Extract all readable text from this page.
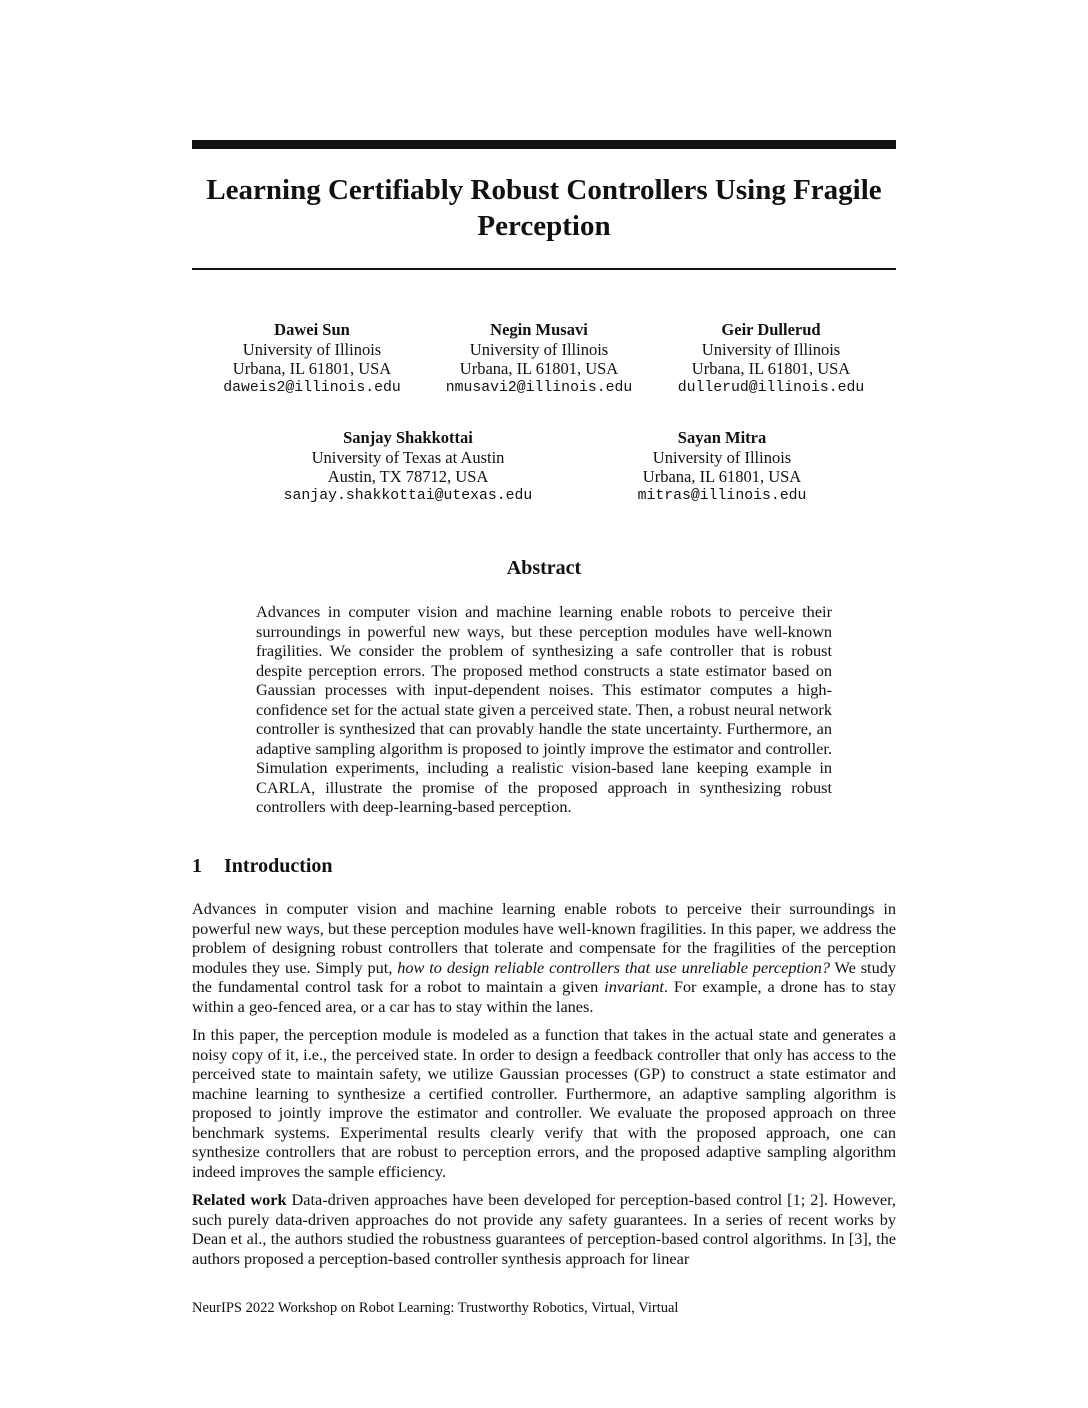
Learning Certifiably Robust Controllers Using Fragile Perception
Dawei Sun
University of Illinois
Urbana, IL 61801, USA
daweis2@illinois.edu
Negin Musavi
University of Illinois
Urbana, IL 61801, USA
nmusavi2@illinois.edu
Geir Dullerud
University of Illinois
Urbana, IL 61801, USA
dullerud@illinois.edu
Sanjay Shakkottai
University of Texas at Austin
Austin, TX 78712, USA
sanjay.shakkottai@utexas.edu
Sayan Mitra
University of Illinois
Urbana, IL 61801, USA
mitras@illinois.edu
Abstract
Advances in computer vision and machine learning enable robots to perceive their surroundings in powerful new ways, but these perception modules have well-known fragilities. We consider the problem of synthesizing a safe controller that is robust despite perception errors. The proposed method constructs a state estimator based on Gaussian processes with input-dependent noises. This estimator computes a high-confidence set for the actual state given a perceived state. Then, a robust neural network controller is synthesized that can provably handle the state uncertainty. Furthermore, an adaptive sampling algorithm is proposed to jointly improve the estimator and controller. Simulation experiments, including a realistic vision-based lane keeping example in CARLA, illustrate the promise of the proposed approach in synthesizing robust controllers with deep-learning-based perception.
1 Introduction

Advances in computer vision and machine learning enable robots to perceive their surroundings in powerful new ways, but these perception modules have well-known fragilities. In this paper, we address the problem of designing robust controllers that tolerate and compensate for the fragilities of the perception modules they use. Simply put, how to design reliable controllers that use unreliable perception? We study the fundamental control task for a robot to maintain a given invariant. For example, a drone has to stay within a geo-fenced area, or a car has to stay within the lanes.

In this paper, the perception module is modeled as a function that takes in the actual state and generates a noisy copy of it, i.e., the perceived state. In order to design a feedback controller that only has access to the perceived state to maintain safety, we utilize Gaussian processes (GP) to construct a state estimator and machine learning to synthesize a certified controller. Furthermore, an adaptive sampling algorithm is proposed to jointly improve the estimator and controller. We evaluate the proposed approach on three benchmark systems. Experimental results clearly verify that with the proposed approach, one can synthesize controllers that are robust to perception errors, and the proposed adaptive sampling algorithm indeed improves the sample efficiency.

Related work Data-driven approaches have been developed for perception-based control [1; 2]. However, such purely data-driven approaches do not provide any safety guarantees. In a series of recent works by Dean et al., the authors studied the robustness guarantees of perception-based control algorithms. In [3], the authors proposed a perception-based controller synthesis approach for linear

NeurIPS 2022 Workshop on Robot Learning: Trustworthy Robotics, Virtual, Virtual
